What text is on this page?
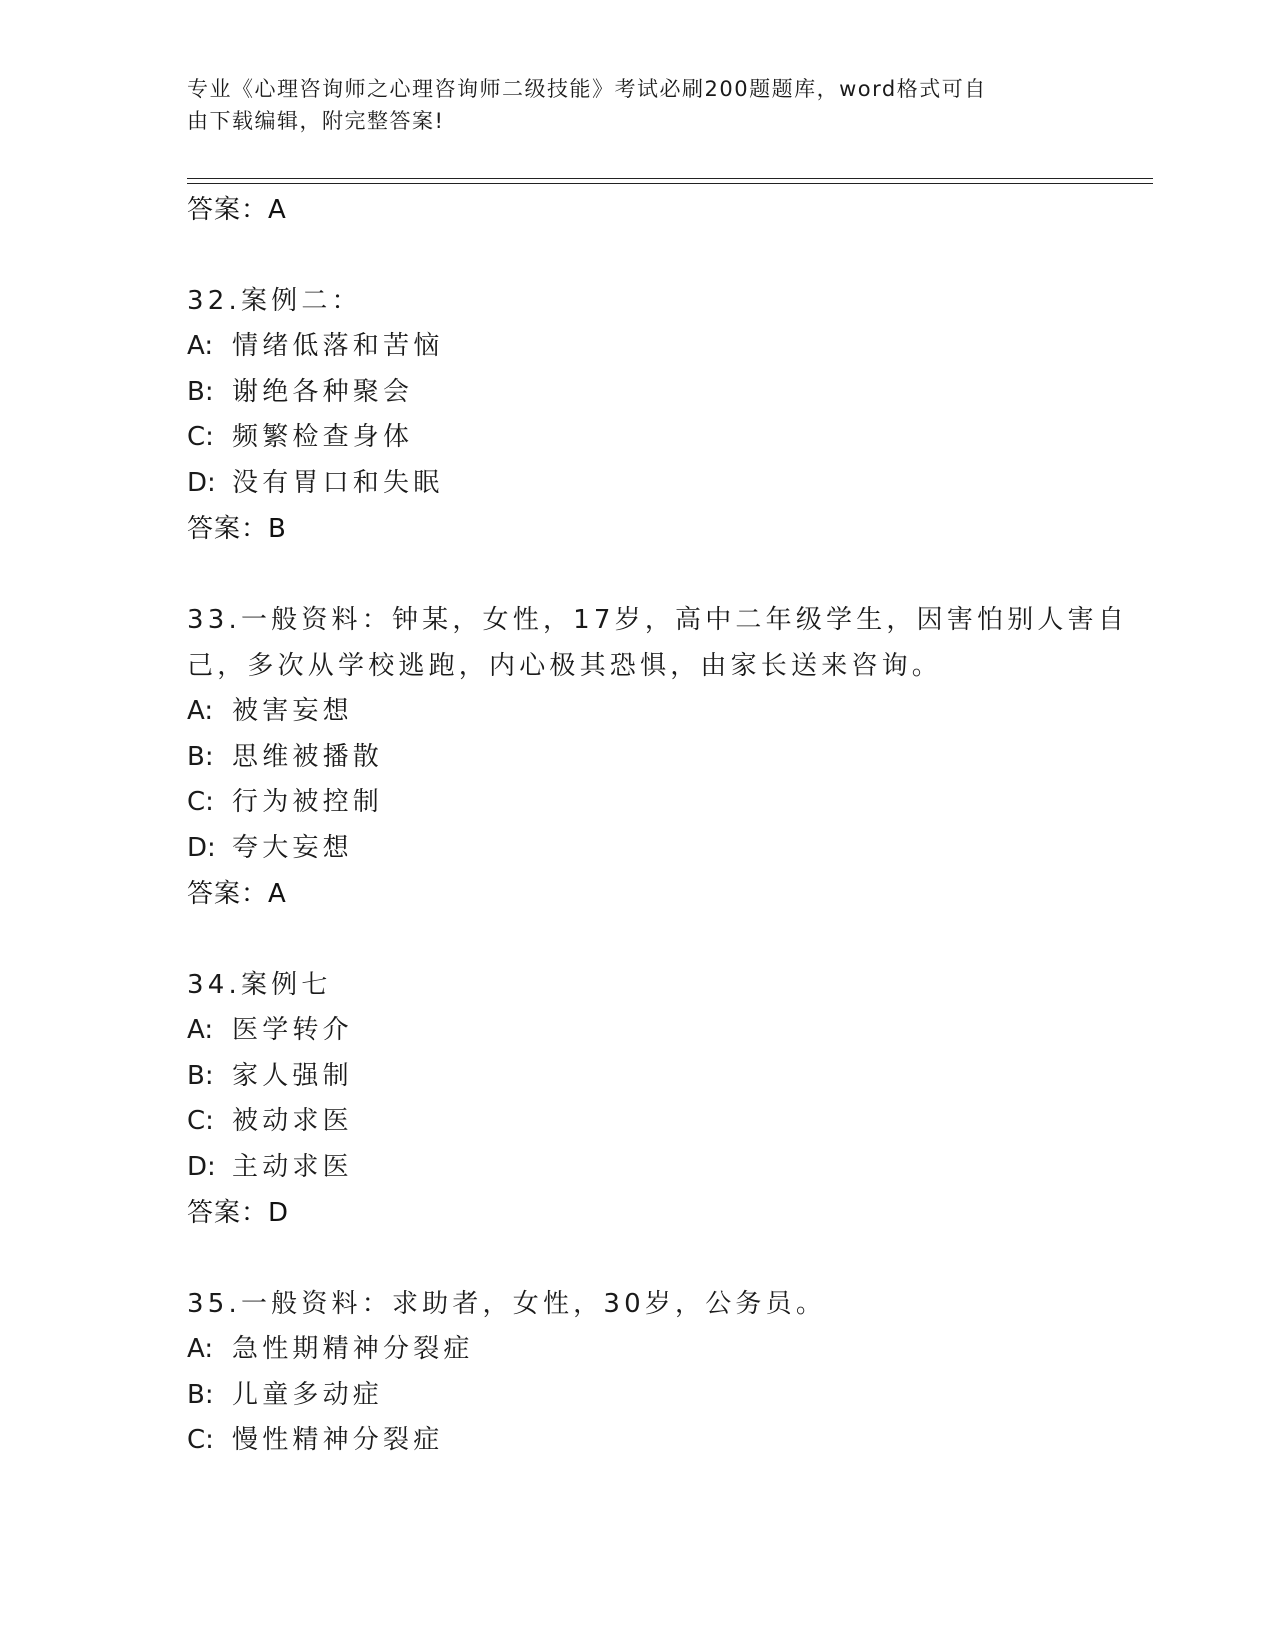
专业《心理咨询师之心理咨询师二级技能》考试必刷200题题库，word格式可自
由下载编辑，附完整答案!
答案：A
32.案例二：
A: 情绪低落和苦恼
B: 谢绝各种聚会
C: 频繁检查身体
D: 没有胃口和失眠
答案：B
33.一般资料：钟某，女性，17岁，高中二年级学生，因害怕别人害自
己，多次从学校逃跑，内心极其恐惧，由家长送来咨询。
A: 被害妄想
B: 思维被播散
C: 行为被控制
D: 夸大妄想
答案：A
34.案例七
A: 医学转介
B: 家人强制
C: 被动求医
D: 主动求医
答案：D
35.一般资料：求助者，女性，30岁，公务员。
A: 急性期精神分裂症
B: 儿童多动症
C: 慢性精神分裂症
